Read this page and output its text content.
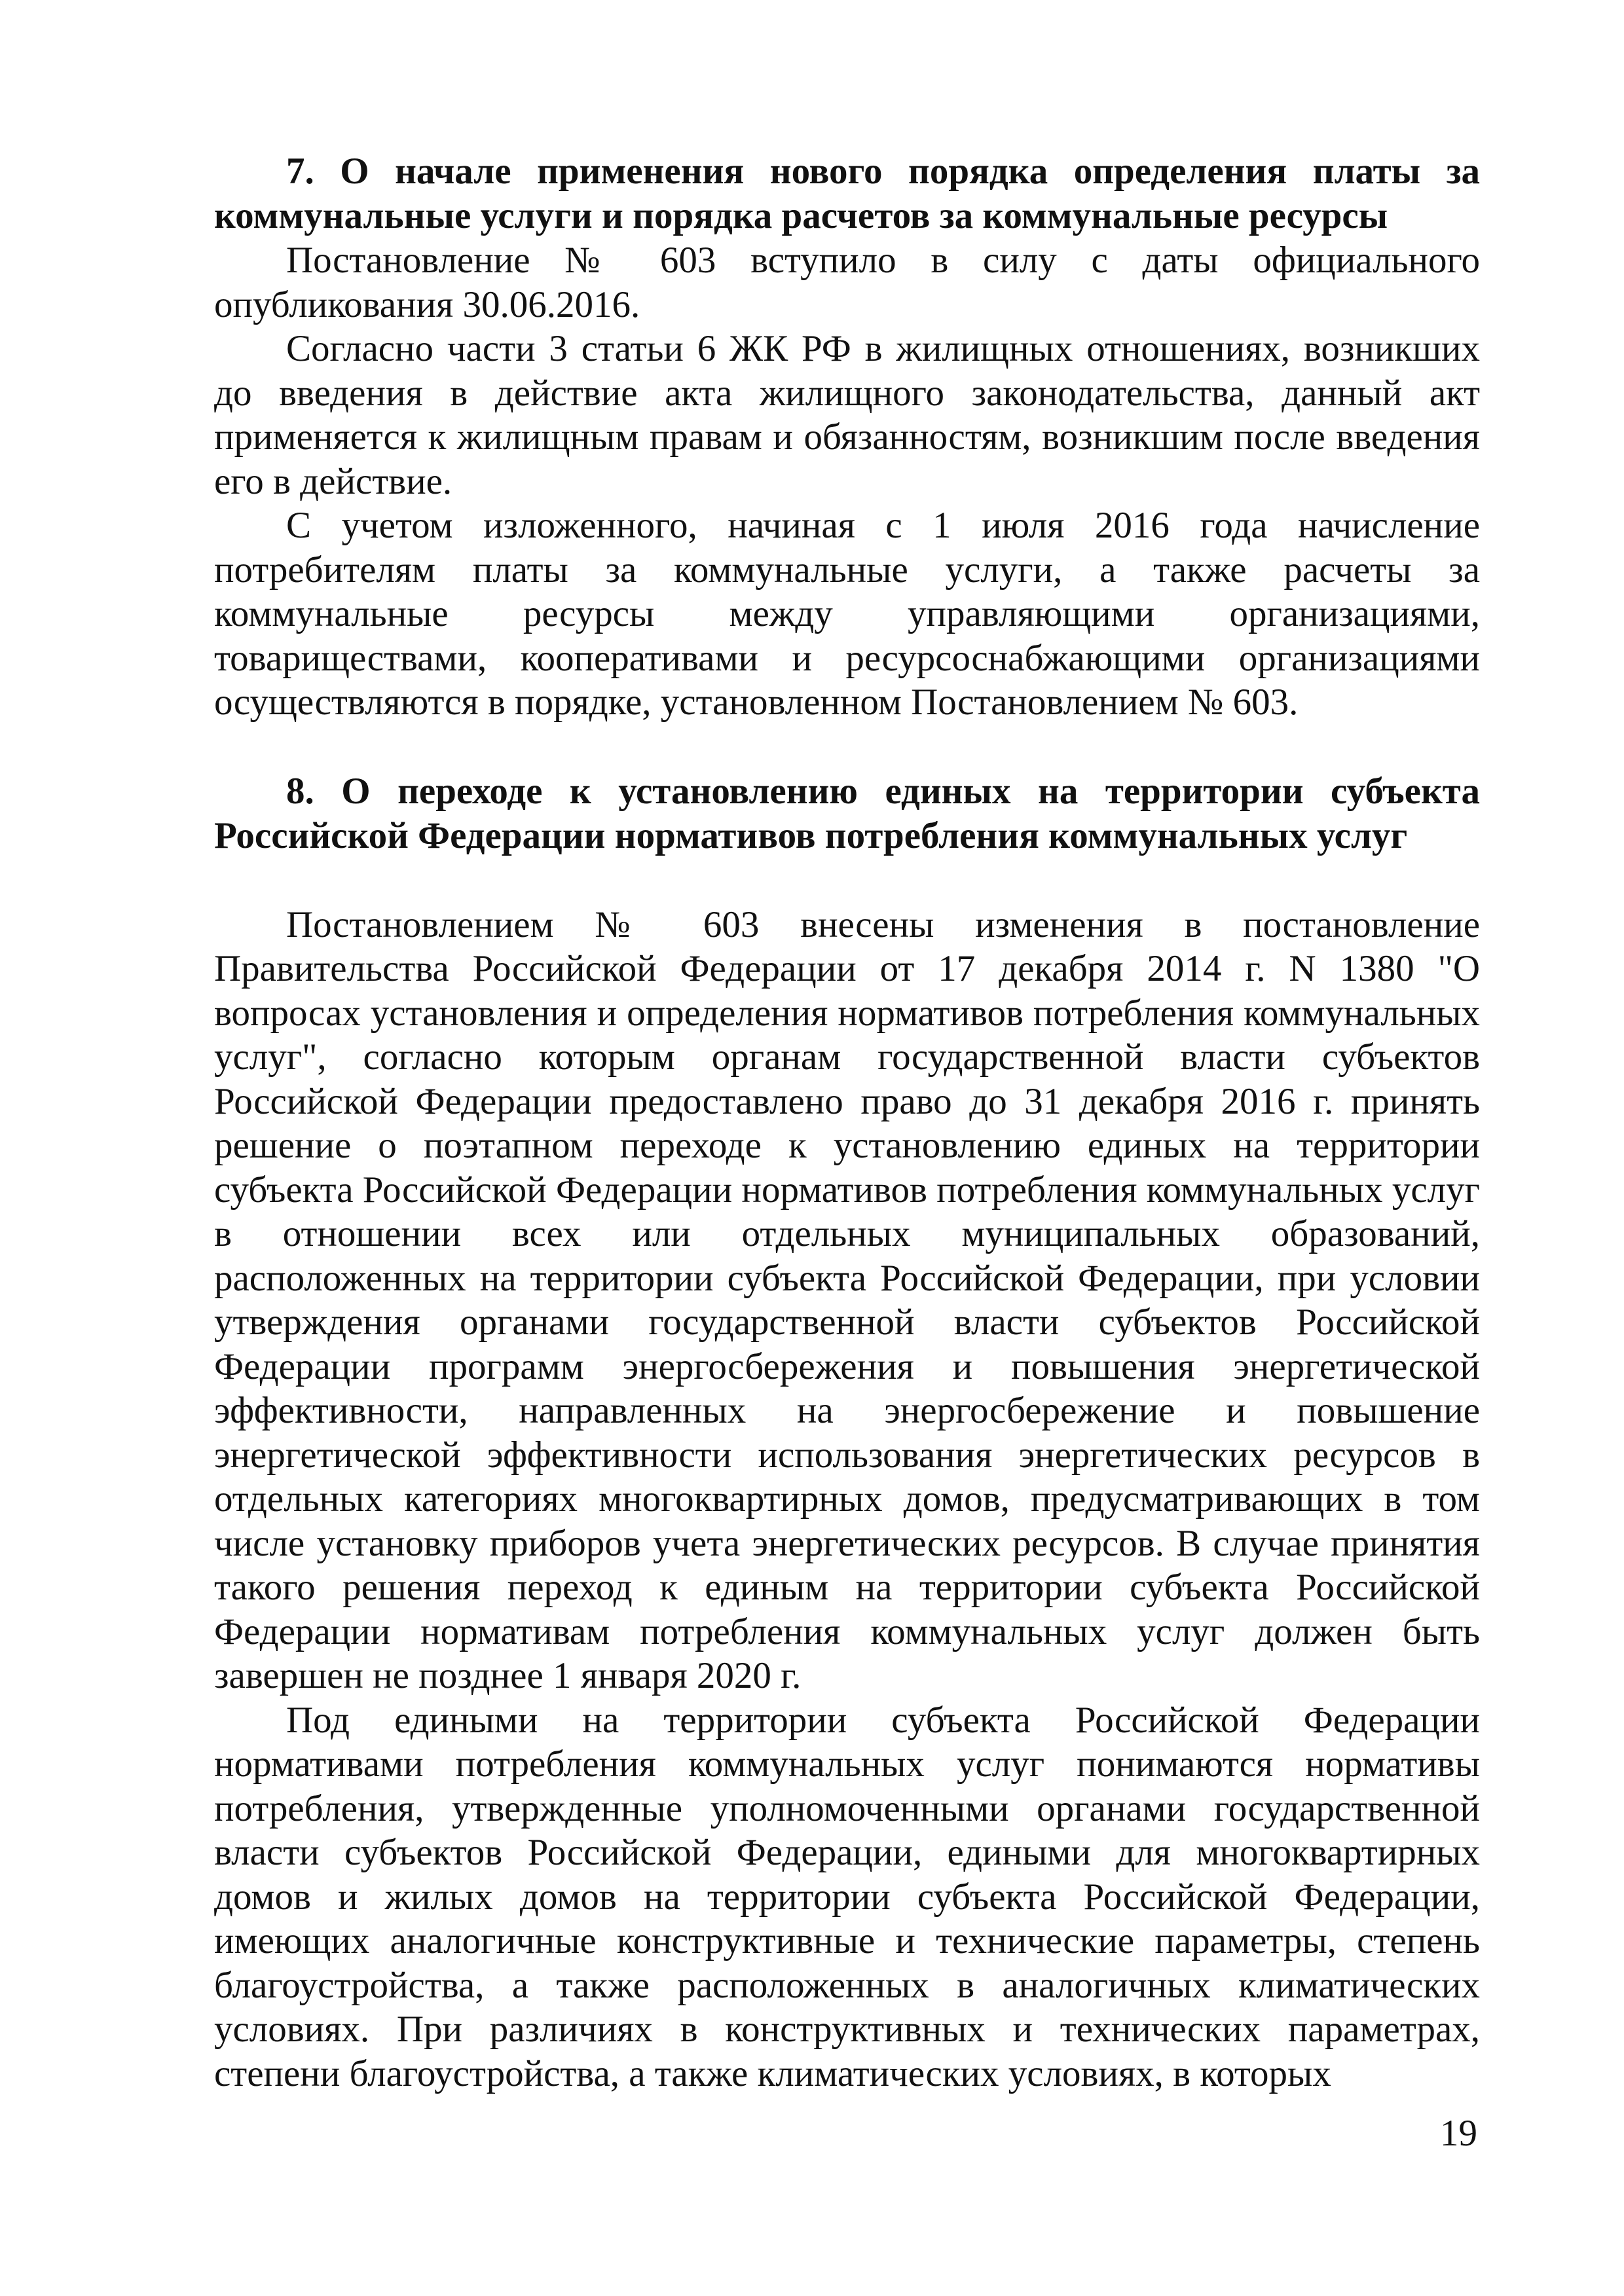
7. О начале применения нового порядка определения платы за коммунальные услуги и порядка расчетов за коммунальные ресурсы

Постановление № 603 вступило в силу с даты официального опубликования 30.06.2016.

Согласно части 3 статьи 6 ЖК РФ в жилищных отношениях, возникших до введения в действие акта жилищного законодательства, данный акт применяется к жилищным правам и обязанностям, возникшим после введения его в действие.

С учетом изложенного, начиная с 1 июля 2016 года начисление потребителям платы за коммунальные услуги, а также расчеты за коммунальные ресурсы между управляющими организациями, товариществами, кооперативами и ресурсоснабжающими организациями осуществляются в порядке, установленном Постановлением № 603.

8. О переходе к установлению единых на территории субъекта Российской Федерации нормативов потребления коммунальных услуг

Постановлением № 603 внесены изменения в постановление Правительства Российской Федерации от 17 декабря 2014 г. N 1380 "О вопросах установления и определения нормативов потребления коммунальных услуг", согласно которым органам государственной власти субъектов Российской Федерации предоставлено право до 31 декабря 2016 г. принять решение о поэтапном переходе к установлению единых на территории субъекта Российской Федерации нормативов потребления коммунальных услуг в отношении всех или отдельных муниципальных образований, расположенных на территории субъекта Российской Федерации, при условии утверждения органами государственной власти субъектов Российской Федерации программ энергосбережения и повышения энергетической эффективности, направленных на энергосбережение и повышение энергетической эффективности использования энергетических ресурсов в отдельных категориях многоквартирных домов, предусматривающих в том числе установку приборов учета энергетических ресурсов. В случае принятия такого решения переход к единым на территории субъекта Российской Федерации нормативам потребления коммунальных услуг должен быть завершен не позднее 1 января 2020 г.

Под едиными на территории субъекта Российской Федерации нормативами потребления коммунальных услуг понимаются нормативы потребления, утвержденные уполномоченными органами государственной власти субъектов Российской Федерации, едиными для многоквартирных домов и жилых домов на территории субъекта Российской Федерации, имеющих аналогичные конструктивные и технические параметры, степень благоустройства, а также расположенных в аналогичных климатических условиях. При различиях в конструктивных и технических параметрах, степени благоустройства, а также климатических условиях, в которых

19
